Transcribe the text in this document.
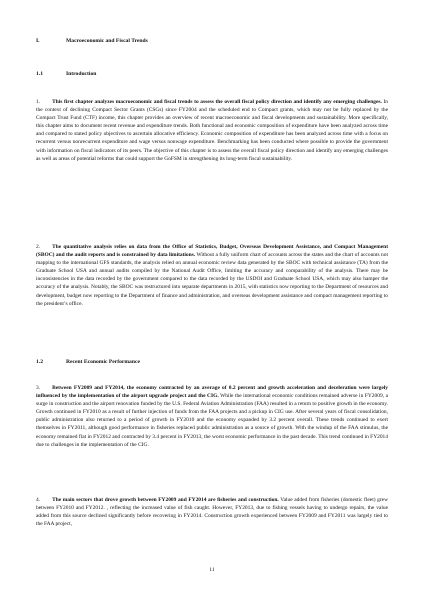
I.	Macroeconomic and Fiscal Trends
1.1	Introduction

1. This first chapter analyzes macroeconomic and fiscal trends to assess the overall fiscal policy direction and identify any emerging challenges. In the context of declining Compact Sector Grants (CSGs) since FY2004 and the scheduled end to Compact grants, which may not be fully replaced by the Compact Trust Fund (CTF) income, this chapter provides an overview of recent macroeconomic and fiscal developments and sustainability. More specifically, this chapter aims to document recent revenue and expenditure trends. Both functional and economic composition of expenditure have been analyzed across time and compared to stated policy objectives to ascertain allocative efficiency. Economic composition of expenditure has been analyzed across time with a focus on recurrent versus nonrecurrent expenditure and wage versus nonwage expenditure. Benchmarking has been conducted where possible to provide the government with information on fiscal indicators of its peers. The objective of this chapter is to assess the overall fiscal policy direction and identify any emerging challenges as well as areas of potential reforms that could support the GoFSM in strengthening its long-term fiscal sustainability.

2. The quantitative analysis relies on data from the Office of Statistics, Budget, Overseas Development Assistance, and Compact Management (SBOC) and the audit reports and is constrained by data limitations. Without a fully uniform chart of accounts across the states and the chart of accounts not mapping to the international GFS standards, the analysis relied on annual economic review data generated by the SBOC with technical assistance (TA) from the Graduate School USA and annual audits compiled by the National Audit Office, limiting the accuracy and comparability of the analysis. There may be inconsistencies in the data recorded by the government compared to the data recorded by the USDOI and Graduate School USA, which may also hamper the accuracy of the analysis. Notably, the SBOC was restructured into separate departments in 2015, with statistics now reporting to the Department of resources and development, budget now reporting to the Department of finance and administration, and overseas development assistance and compact management reporting to the president’s office.

1.2	Recent Economic Performance

3. Between FY2009 and FY2014, the economy contracted by an average of 0.2 percent and growth acceleration and deceleration were largely influenced by the implementation of the airport upgrade project and the CIG. While the international economic conditions remained adverse in FY2009, a surge in construction and the airport renovation funded by the U.S. Federal Aviation Administration (FAA) resulted in a return to positive growth in the economy. Growth continued in FY2010 as a result of further injection of funds from the FAA projects and a pickup in CIG use. After several years of fiscal consolidation, public administration also returned to a period of growth in FY2010 and the economy expanded by 3.2 percent overall. These trends continued to exert themselves in FY2011, although good performance in fisheries replaced public administration as a source of growth. With the windup of the FAA stimulus, the economy remained flat in FY2012 and contracted by 3.4 percent in FY2013, the worst economic performance in the past decade. This trend continued in FY2014 due to challenges in the implementation of the CIG.

4. The main sectors that drove growth between FY2009 and FY2014 are fisheries and construction. Value added from fisheries (domestic fleet) grew between FY2010 and FY2012. , reflecting the increased value of fish caught. However, FY2013, due to fishing vessels having to undergo repairs, the value added from this source declined significantly before recovering in FY2014. Construction growth experienced between FY2009 and FY2011 was largely tied to the FAA project,

11
